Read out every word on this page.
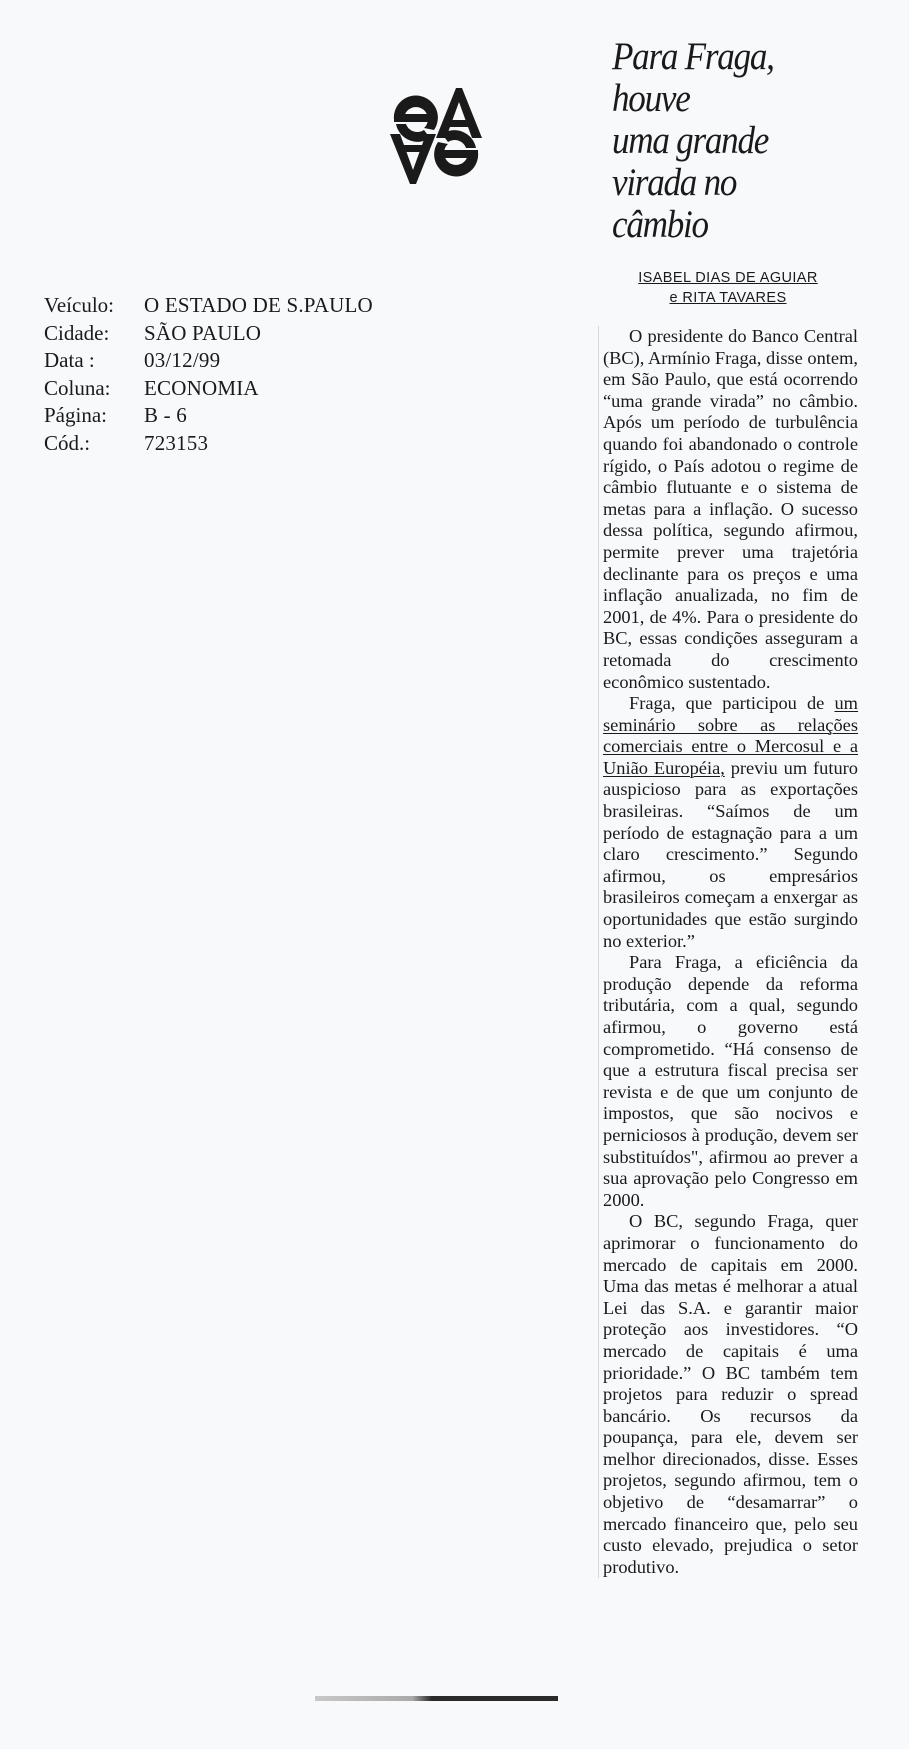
Veículo:	O ESTADO DE S.PAULO
Cidade:	SÃO PAULO
Data :	03/12/99
Coluna:	ECONOMIA
Página:	B - 6
Cód.:	723153
Para Fraga, houve
uma grande
virada no câmbio
ISABEL DIAS DE AGUIAR
e RITA TAVARES

O presidente do Banco Central (BC), Armínio Fraga, disse ontem, em São Paulo, que está ocorrendo “uma grande virada” no câmbio. Após um período de turbulência quando foi abandonado o controle rígido, o País adotou o regime de câmbio flutuante e o sistema de metas para a inflação. O sucesso dessa política, segundo afirmou, permite prever uma trajetória declinante para os preços e uma inflação anualizada, no fim de 2001, de 4%. Para o presidente do BC, essas condições asseguram a retomada do crescimento econômico sustentado.

Fraga, que participou de um seminário sobre as relações comerciais entre o Mercosul e a União Européia, previu um futuro auspicioso para as exportações brasileiras. “Saímos de um período de estagnação para a um claro crescimento.” Segundo afirmou, os empresários brasileiros começam a enxergar as oportunidades que estão surgindo no exterior.”

Para Fraga, a eficiência da produção depende da reforma tributária, com a qual, segundo afirmou, o governo está comprometido. “Há consenso de que a estrutura fiscal precisa ser revista e de que um conjunto de impostos, que são nocivos e perniciosos à produção, devem ser substituídos", afirmou ao prever a sua aprovação pelo Congresso em 2000.

O BC, segundo Fraga, quer aprimorar o funcionamento do mercado de capitais em 2000. Uma das metas é melhorar a atual Lei das S.A. e garantir maior proteção aos investidores. “O mercado de capitais é uma prioridade.” O BC também tem projetos para reduzir o spread bancário. Os recursos da poupança, para ele, devem ser melhor direcionados, disse. Esses projetos, segundo afirmou, tem o objetivo de “desamarrar” o mercado financeiro que, pelo seu custo elevado, prejudica o setor produtivo.
